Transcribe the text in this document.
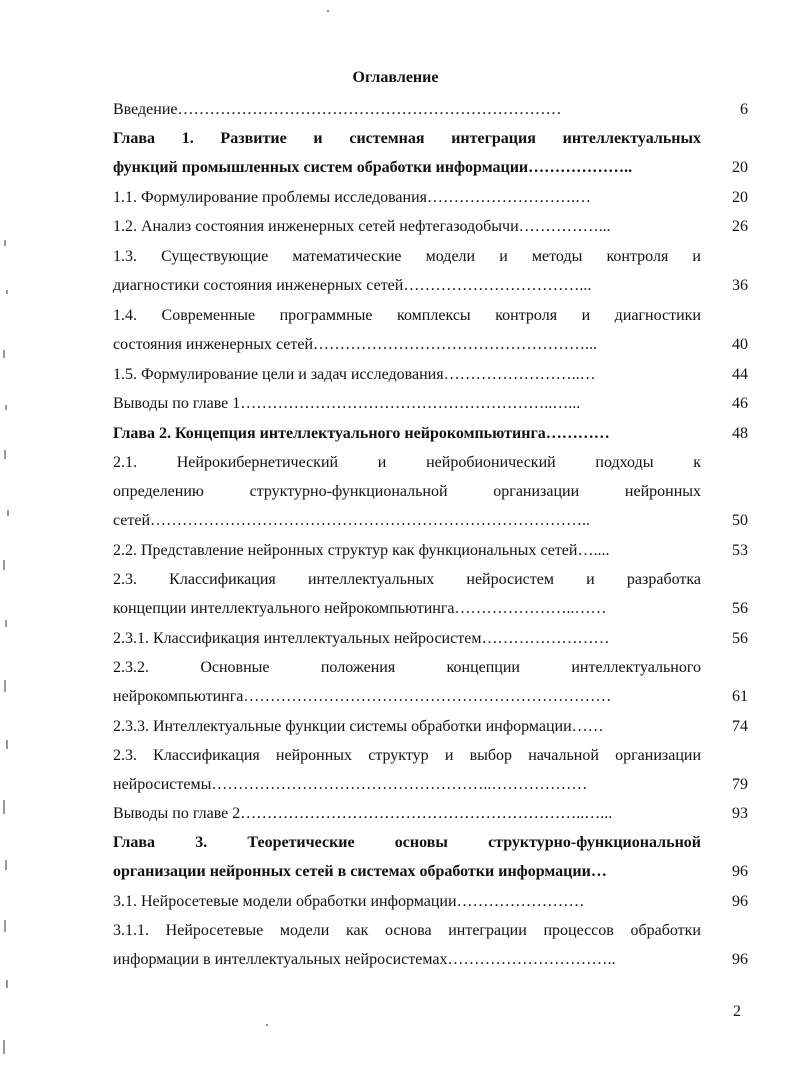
Оглавление
Введение………………………………………………………………	6
Глава 1. Развитие и системная интеграция интеллектуальных
функций промышленных систем обработки информации………………..	20
1.1. Формулирование проблемы исследования……………………….…	20
1.2. Анализ состояния инженерных сетей нефтегазодобычи……………...	26
1.3. Существующие математические модели и методы контроля и
диагностики состояния инженерных сетей……………………………...	36
1.4. Современные программные комплексы контроля и диагностики
состояния инженерных сетей……………………………………………...	40
1.5. Формулирование цели и задач исследования……………………..…	44
Выводы по главе 1…………………………………………………..…...	46
Глава 2. Концепция интеллектуального нейрокомпьютинга…………	48
2.1. Нейрокибернетический и нейробионический подходы к
определению структурно-функциональной организации нейронных
сетей………………………………………………………………………..	50
2.2. Представление нейронных структур как функциональных сетей…....	53
2.3. Классификация интеллектуальных нейросистем и разработка
концепции интеллектуального нейрокомпьютинга…………………..……	56
2.3.1. Классификация интеллектуальных нейросистем……………………	56
2.3.2. Основные положения концепции интеллектуального
нейрокомпьютинга……………………………………………………………	61
2.3.3. Интеллектуальные функции системы обработки информации……	74
2.3. Классификация нейронных структур и выбор начальной организации
нейросистемы……………………………………………..………………	79
Выводы по главе 2………………………………………………………..…...	93
Глава 3. Теоретические основы структурно-функциональной
организации нейронных сетей в системах обработки информации…	96
3.1. Нейросетевые модели обработки информации……………………	96
3.1.1. Нейросетевые модели как основа интеграции процессов обработки
информации в интеллектуальных нейросистемах…………………………..	96
2
